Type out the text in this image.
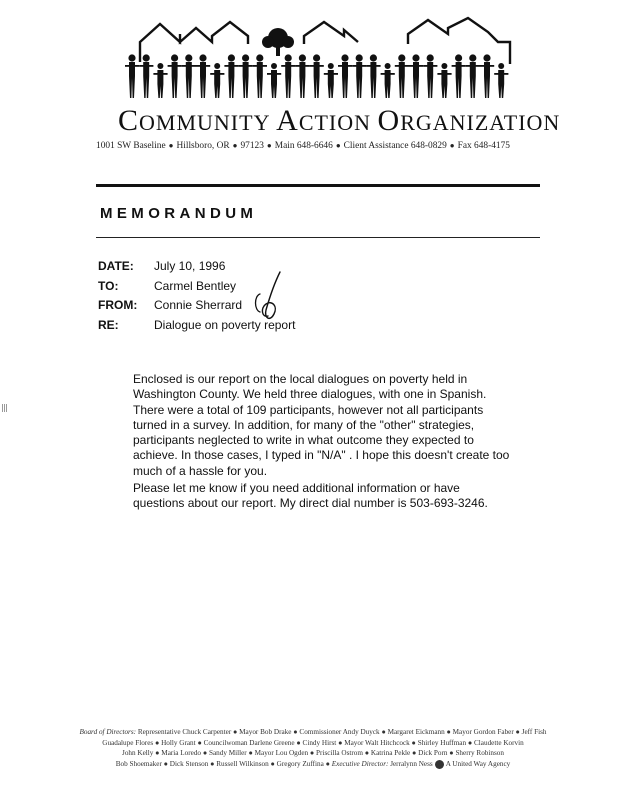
COMMUNITY ACTION ORGANIZATION
1001 SW Baseline ● Hillsboro, OR ● 97123 ● Main 648-6646 ● Client Assistance 648-0829 ● Fax 648-4175
MEMORANDUM
DATE: July 10, 1996
TO:	Carmel Bentley
FROM: Connie Sherrard
RE:	Dialogue on poverty report
Enclosed is our report on the local dialogues on poverty held in Washington County. We held three dialogues, with one in Spanish. There were a total of 109 participants, however not all participants turned in a survey. In addition, for many of the "other" strategies, participants neglected to write in what outcome they expected to achieve. In those cases, I typed in "N/A" . I hope this doesn't create too much of a hassle for you.
Please let me know if you need additional information or have questions about our report. My direct dial number is 503-693-3246.
Board of Directors: Representative Chuck Carpenter ● Mayor Bob Drake ● Commissioner Andy Duyck ● Margaret Eickmann ● Mayor Gordon Faber ● Jeff Fish
Guadalupe Flores ● Holly Grant ● Councilwoman Darlene Greene ● Cindy Hirst ● Mayor Walt Hitchcock ● Shirley Huffman ● Claudette Korvin
John Kelly ● Maria Loredo ● Sandy Miller ● Mayor Lou Ogden ● Priscilla Ostrom ● Katrina Pekle ● Dick Porn ● Sherry Robinson
Bob Shoemaker ● Dick Stenson ● Russell Wilkinson ● Gregory Zuffina ● Executive Director: Jerralynn Ness A United Way Agency
